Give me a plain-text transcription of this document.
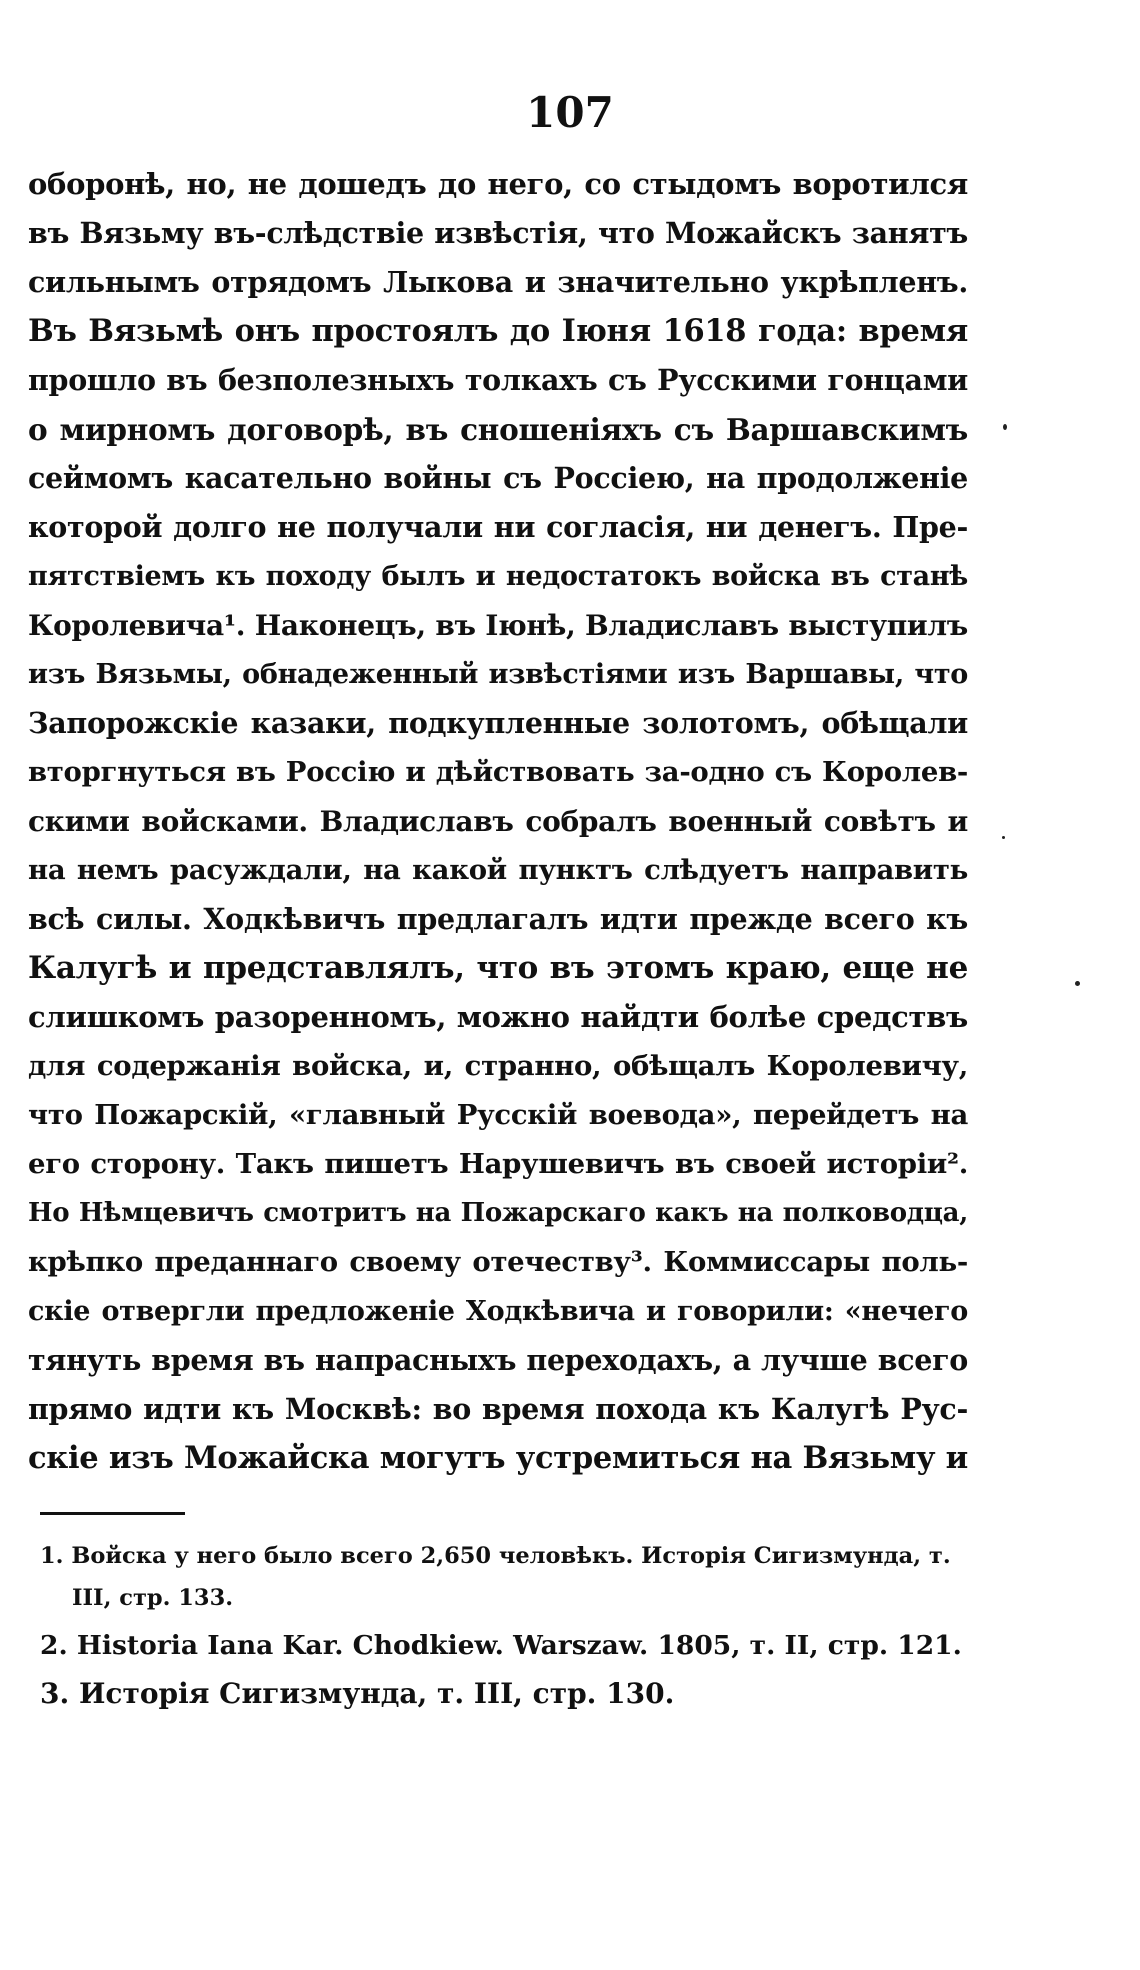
107
оборонѣ, но, не дошедъ до него, со стыдомъ воротился
въ Вязьму въ-слѣдствіе извѣстія, что Можайскъ занятъ
сильнымъ отрядомъ Лыкова и значительно укрѣпленъ.
Въ Вязьмѣ онъ простоялъ до Іюня 1618 года: время
прошло въ безполезныхъ толкахъ съ Русскими гонцами
о мирномъ договорѣ, въ сношеніяхъ съ Варшавскимъ
сеймомъ касательно войны съ Россіею, на продолженіе
которой долго не получали ни согласія, ни денегъ. Пре-
пятствіемъ къ походу былъ и недостатокъ войска въ станѣ
Королевича¹. Наконецъ, въ Іюнѣ, Владиславъ выступилъ
изъ Вязьмы, обнадеженный извѣстіями изъ Варшавы, что
Запорожскіе казаки, подкупленные золотомъ, обѣщали
вторгнуться въ Россію и дѣйствовать за-одно съ Королев-
скими войсками. Владиславъ собралъ военный совѣтъ и
на немъ расуждали, на какой пунктъ слѣдуетъ направить
всѣ силы. Ходкѣвичъ предлагалъ идти прежде всего къ
Калугѣ и представлялъ, что въ этомъ краю, еще не
слишкомъ разоренномъ, можно найдти болѣе средствъ
для содержанія войска, и, странно, обѣщалъ Королевичу,
что Пожарскій, «главный Русскій воевода», перейдетъ на
его сторону. Такъ пишетъ Нарушевичъ въ своей исторіи².
Но Нѣмцевичъ смотритъ на Пожарскаго какъ на полководца,
крѣпко преданнаго своему отечеству³. Коммиссары поль-
скіе отвергли предложеніе Ходкѣвича и говорили: «нечего
тянуть время въ напрасныхъ переходахъ, а лучше всего
прямо идти къ Москвѣ: во время похода къ Калугѣ Рус-
скіе изъ Можайска могутъ устремиться на Вязьму и
1. Войска у него было всего 2,650 человѣкъ. Исторія Сигизмунда, т.
III, стр. 133.
2. Historia Iana Kar. Chodkiew. Warszaw. 1805, т. II, стр. 121.
3. Исторія Сигизмунда, т. III, стр. 130.
